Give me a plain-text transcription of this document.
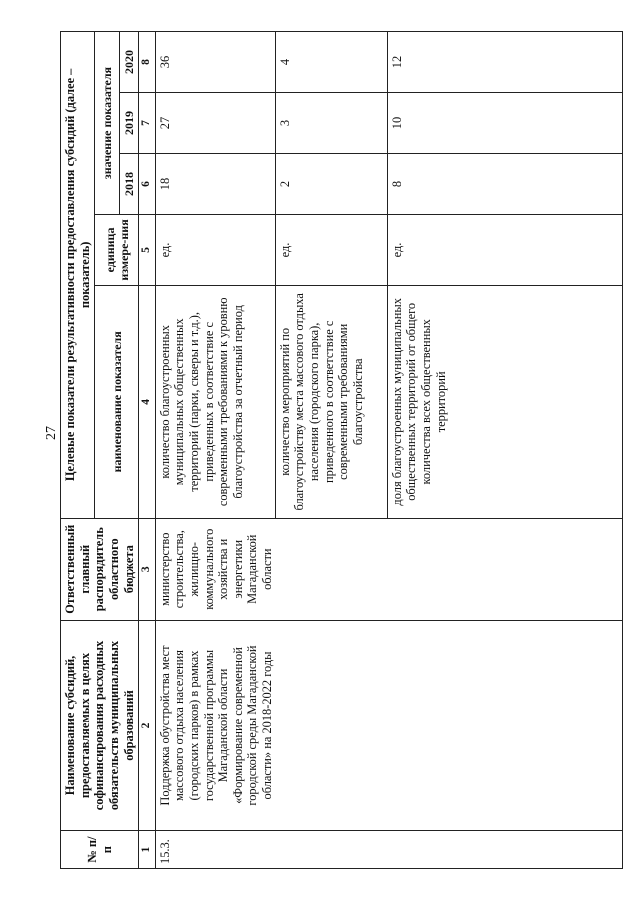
27
№ п/п	Наименование субсидий, предоставляемых в целях софинансирования расходных обязательств муниципальных образований	Ответственный главный распорядитель областного бюджета	Целевые показатели результативности предоставления субсидий (далее – показатель)				
			наименование показателя	единица измере-ния	значение показателя		
					2018	2019	2020
1	2	3	4	5	6	7	8
15.3.	Поддержка обустройства мест массового отдыха населения (городских парков) в рамках государственной программы Магаданской области «Формирование современной городской среды Магаданской области» на 2018-2022 годы	министерство строительства, жилищно-коммунального хозяйства и энергетики Магаданской области	количество благоустроенных муниципальных общественных территорий (парки, скверы и т.д.), приведенных в соответствие с современными требованиями к уровню благоустройства за отчетный период	ед.	18	27	36
			количество мероприятий по благоустройству места массового отдыха населения (городского парка), приведенного в соответствие с современными требованиями благоустройства	ед.	2	3	4
			доля благоустроенных муниципальных общественных территорий от общего количества всех общественных территорий	ед.	8	10	12
